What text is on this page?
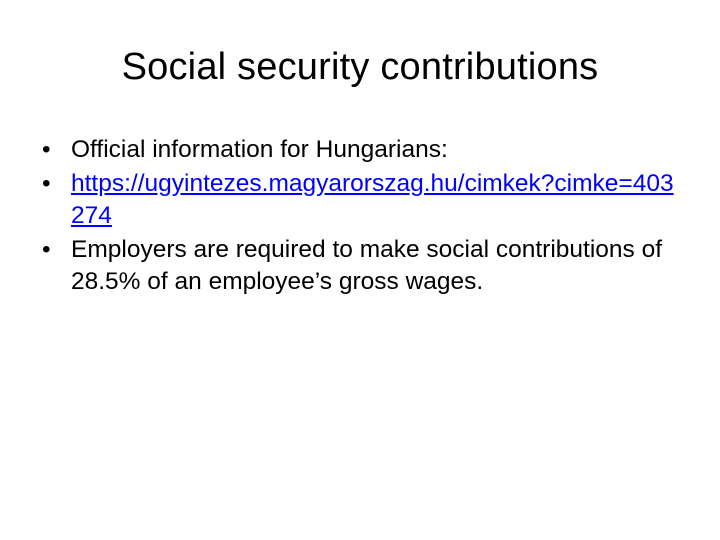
Social security contributions
• Official information for Hungarians:
• https://ugyintezes.magyarorszag.hu/cimkek?cimke=403274
• Employers are required to make social contributions of 28.5% of an employee’s gross wages.
